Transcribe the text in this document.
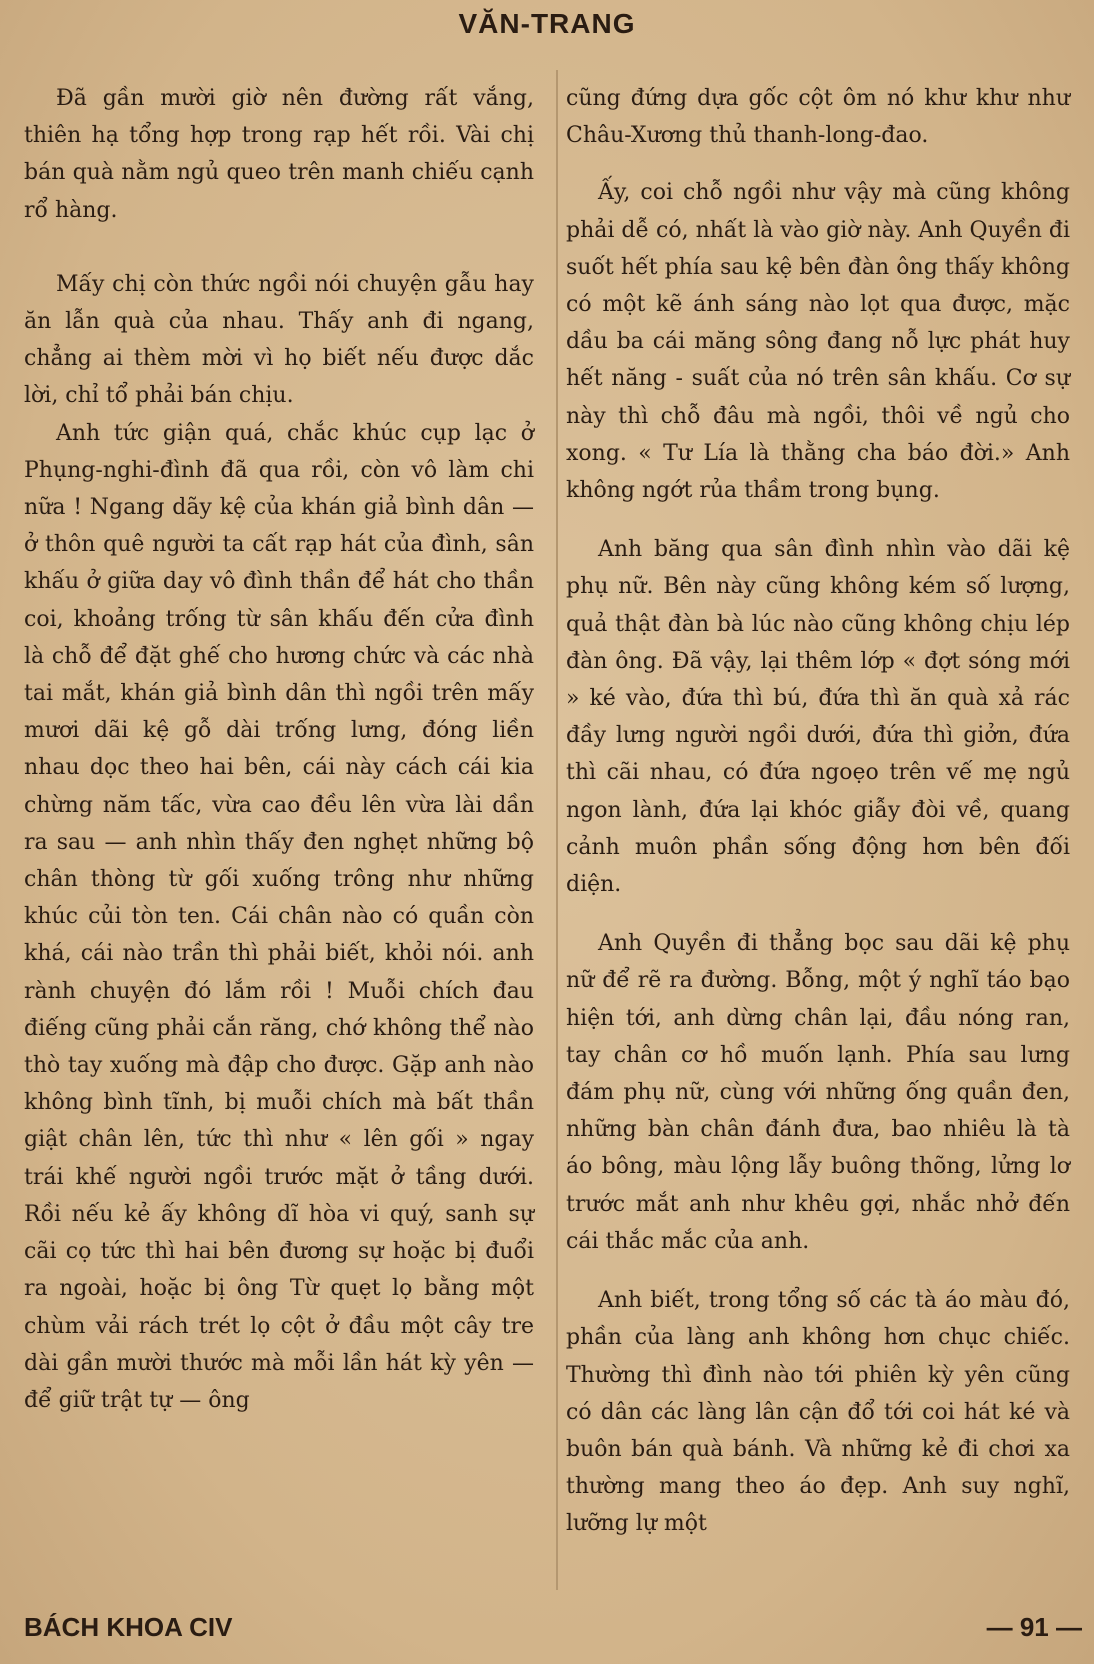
VĂN-TRANG

Đã gần mười giờ nên đường rất vắng, thiên hạ tổng hợp trong rạp hết rồi. Vài chị bán quà nằm ngủ queo trên manh chiếu cạnh rổ hàng.

Mấy chị còn thức ngồi nói chuyện gẫu hay ăn lẫn quà của nhau. Thấy anh đi ngang, chẳng ai thèm mời vì họ biết nếu được dắc lời, chỉ tổ phải bán chịu.

Anh tức giận quá, chắc khúc cụp lạc ở Phụng-nghi-đình đã qua rồi, còn vô làm chi nữa ! Ngang dãy kệ của khán giả bình dân — ở thôn quê người ta cất rạp hát của đình, sân khấu ở giữa day vô đình thần để hát cho thần coi, khoảng trống từ sân khấu đến cửa đình là chỗ để đặt ghế cho hương chức và các nhà tai mắt, khán giả bình dân thì ngồi trên mấy mươi dãi kệ gỗ dài trống lưng, đóng liền nhau dọc theo hai bên, cái này cách cái kia chừng năm tấc, vừa cao đều lên vừa lài dần ra sau — anh nhìn thấy đen nghẹt những bộ chân thòng từ gối xuống trông như những khúc củi tòn ten. Cái chân nào có quần còn khá, cái nào trần thì phải biết, khỏi nói. anh rành chuyện đó lắm rồi ! Muỗi chích đau điếng cũng phải cắn răng, chớ không thể nào thò tay xuống mà đập cho được. Gặp anh nào không bình tĩnh, bị muỗi chích mà bất thần giật chân lên, tức thì như « lên gối » ngay trái khế người ngồi trước mặt ở tầng dưới. Rồi nếu kẻ ấy không dĩ hòa vi quý, sanh sự cãi cọ tức thì hai bên đương sự hoặc bị đuổi ra ngoài, hoặc bị ông Từ quẹt lọ bằng một chùm vải rách trét lọ cột ở đầu một cây tre dài gần mười thước mà mỗi lần hát kỳ yên — để giữ trật tự — ông

cũng đứng dựa gốc cột ôm nó khư khư như Châu-Xương thủ thanh-long-đao.

Ấy, coi chỗ ngồi như vậy mà cũng không phải dễ có, nhất là vào giờ này. Anh Quyền đi suốt hết phía sau kệ bên đàn ông thấy không có một kẽ ánh sáng nào lọt qua được, mặc dầu ba cái măng sông đang nỗ lực phát huy hết năng - suất của nó trên sân khấu. Cơ sự này thì chỗ đâu mà ngồi, thôi về ngủ cho xong. « Tư Lía là thằng cha báo đời.» Anh không ngớt rủa thầm trong bụng.

Anh băng qua sân đình nhìn vào dãi kệ phụ nữ. Bên này cũng không kém số lượng, quả thật đàn bà lúc nào cũng không chịu lép đàn ông. Đã vậy, lại thêm lớp « đợt sóng mới » ké vào, đứa thì bú, đứa thì ăn quà xả rác đầy lưng người ngồi dưới, đứa thì giởn, đứa thì cãi nhau, có đứa ngoẹo trên vế mẹ ngủ ngon lành, đứa lại khóc giẫy đòi về, quang cảnh muôn phần sống động hơn bên đối diện.

Anh Quyền đi thẳng bọc sau dãi kệ phụ nữ để rẽ ra đường. Bỗng, một ý nghĩ táo bạo hiện tới, anh dừng chân lại, đầu nóng ran, tay chân cơ hồ muốn lạnh. Phía sau lưng đám phụ nữ, cùng với những ống quần đen, những bàn chân đánh đưa, bao nhiêu là tà áo bông, màu lộng lẫy buông thõng, lửng lơ trước mắt anh như khêu gợi, nhắc nhở đến cái thắc mắc của anh.

Anh biết, trong tổng số các tà áo màu đó, phần của làng anh không hơn chục chiếc. Thường thì đình nào tới phiên kỳ yên cũng có dân các làng lân cận đổ tới coi hát ké và buôn bán quà bánh. Và những kẻ đi chơi xa thường mang theo áo đẹp. Anh suy nghĩ, lưỡng lự một

BÁCH KHOA CIV	— 91 —
